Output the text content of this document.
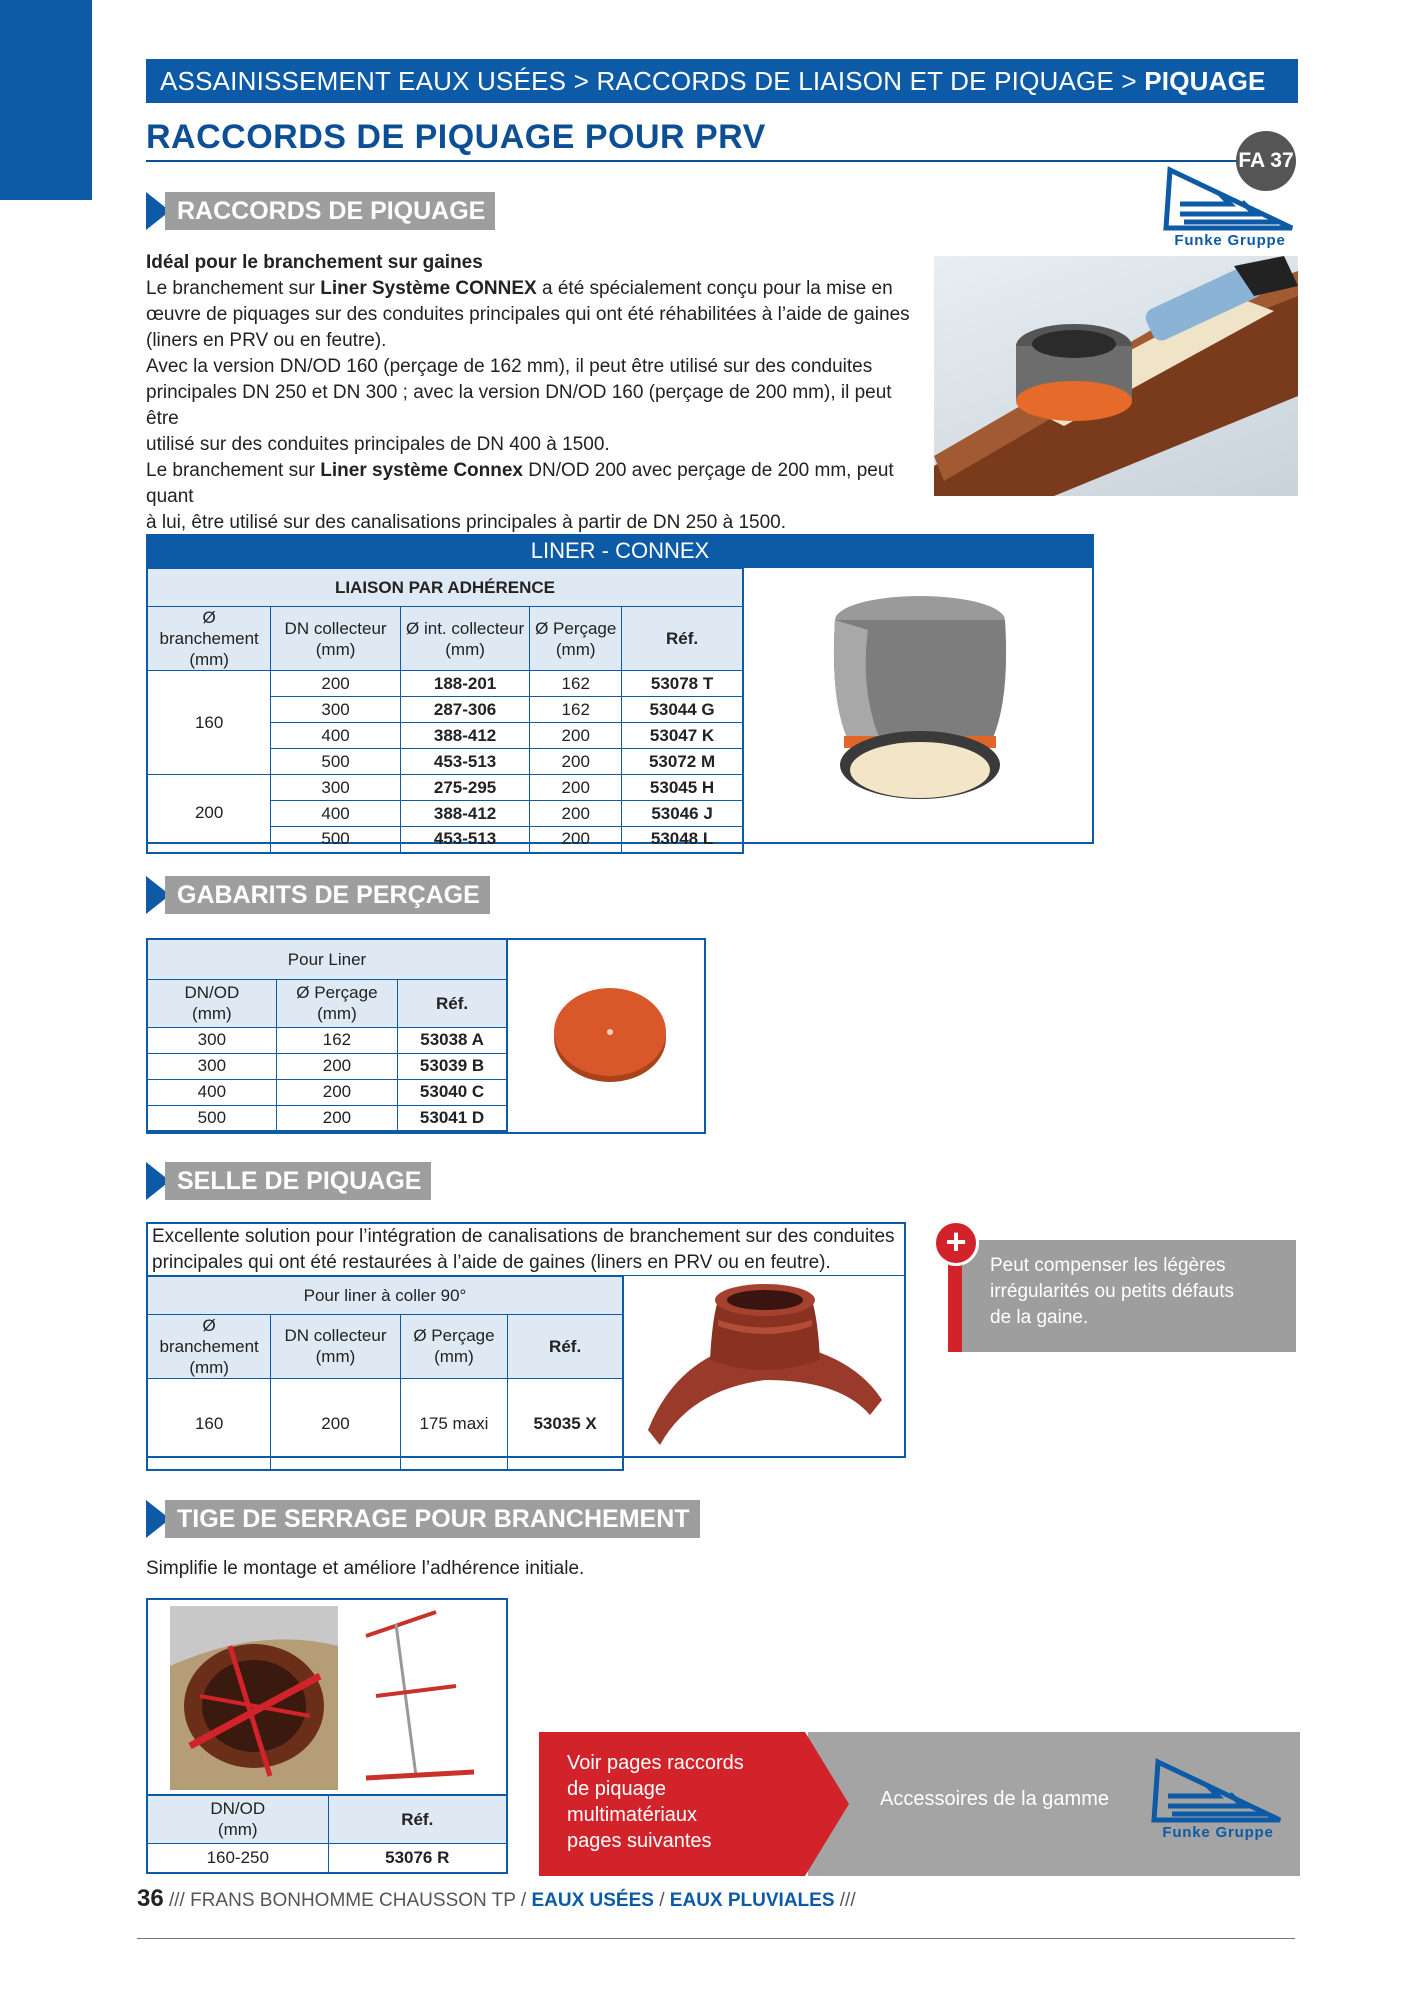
ASSAINISSEMENT EAUX USÉES > RACCORDS DE LIAISON ET DE PIQUAGE > PIQUAGE
RACCORDS DE PIQUAGE POUR PRV
FA 37
Funke Gruppe
RACCORDS DE PIQUAGE
Idéal pour le branchement sur gaines
Le branchement sur Liner Système CONNEX a été spécialement conçu pour la mise en
œuvre de piquages sur des conduites principales qui ont été réhabilitées à l’aide de gaines
(liners en PRV ou en feutre).
Avec la version DN/OD 160 (perçage de 162 mm), il peut être utilisé sur des conduites
principales DN 250 et DN 300 ; avec la version DN/OD 160 (perçage de 200 mm), il peut être
utilisé sur des conduites principales de DN 400 à 1500.
Le branchement sur Liner système Connex DN/OD 200 avec perçage de 200 mm, peut quant
à lui, être utilisé sur des canalisations principales à partir de DN 250 à 1500.
LINER - CONNEX
LIAISON PAR ADHÉRENCE				
Ø branchement
(mm)	DN collecteur
(mm)	Ø int. collecteur
(mm)	Ø Perçage
(mm)	Réf.
160	200	188-201	162	53078 T
	300	287-306	162	53044 G
	400	388-412	200	53047 K
	500	453-513	200	53072 M
200	300	275-295	200	53045 H
	400	388-412	200	53046 J
	500	453-513	200	53048 L
GABARITS DE PERÇAGE
Pour Liner		
DN/OD
(mm)	Ø Perçage
(mm)	Réf.
300	162	53038 A
300	200	53039 B
400	200	53040 C
500	200	53041 D
SELLE DE PIQUAGE
Excellente solution pour l’intégration de canalisations de branchement sur des conduites
principales qui ont été restaurées à l’aide de gaines (liners en PRV ou en feutre).
Pour liner à coller 90°			
Ø branchement
(mm)	DN collecteur
(mm)	Ø Perçage
(mm)	Réf.
160	200	175 maxi	53035 X
Peut compenser les légères
irrégularités ou petits défauts
de la gaine.
+
TIGE DE SERRAGE POUR BRANCHEMENT
Simplifie le montage et améliore l’adhérence initiale.
DN/OD
(mm)	Réf.
160-250	53076 R
Accessoires de la gamme
Funke Gruppe
Voir pages raccords
de piquage
multimatériaux
pages suivantes
36 /// FRANS BONHOMME CHAUSSON TP / EAUX USÉES / EAUX PLUVIALES ///
